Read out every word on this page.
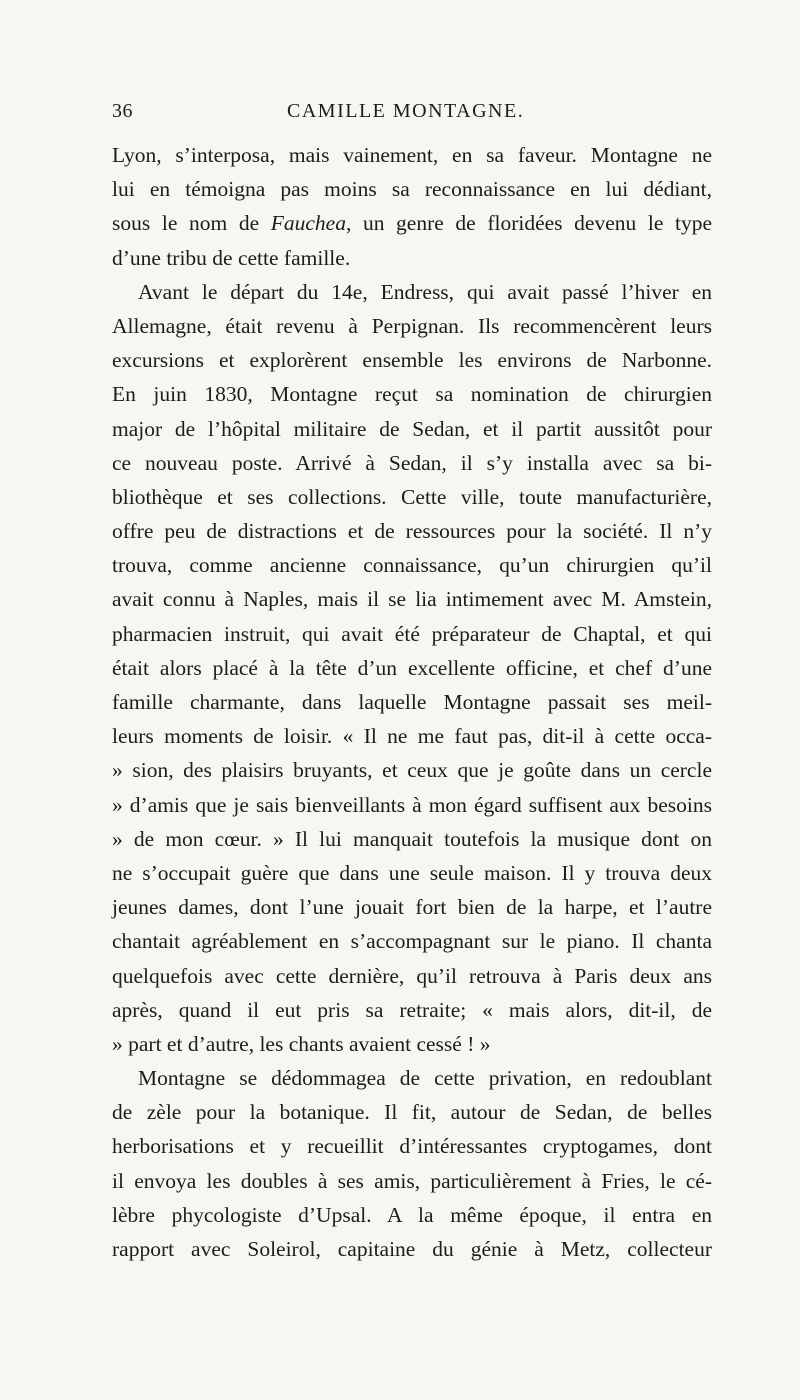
36	CAMILLE MONTAGNE.
Lyon, s’interposa, mais vainement, en sa faveur. Montagne ne
lui en témoigna pas moins sa reconnaissance en lui dédiant,
sous le nom de Fauchea, un genre de floridées devenu le type
d’une tribu de cette famille.
Avant le départ du 14e, Endress, qui avait passé l’hiver en
Allemagne, était revenu à Perpignan. Ils recommencèrent leurs
excursions et explorèrent ensemble les environs de Narbonne.
En juin 1830, Montagne reçut sa nomination de chirurgien
major de l’hôpital militaire de Sedan, et il partit aussitôt pour
ce nouveau poste. Arrivé à Sedan, il s’y installa avec sa bi-
bliothèque et ses collections. Cette ville, toute manufacturière,
offre peu de distractions et de ressources pour la société. Il n’y
trouva, comme ancienne connaissance, qu’un chirurgien qu’il
avait connu à Naples, mais il se lia intimement avec M. Amstein,
pharmacien instruit, qui avait été préparateur de Chaptal, et qui
était alors placé à la tête d’un excellente officine, et chef d’une
famille charmante, dans laquelle Montagne passait ses meil-
leurs moments de loisir. « Il ne me faut pas, dit-il à cette occa-
» sion, des plaisirs bruyants, et ceux que je goûte dans un cercle
» d’amis que je sais bienveillants à mon égard suffisent aux besoins
» de mon cœur. » Il lui manquait toutefois la musique dont on
ne s’occupait guère que dans une seule maison. Il y trouva deux
jeunes dames, dont l’une jouait fort bien de la harpe, et l’autre
chantait agréablement en s’accompagnant sur le piano. Il chanta
quelquefois avec cette dernière, qu’il retrouva à Paris deux ans
après, quand il eut pris sa retraite; « mais alors, dit-il, de
» part et d’autre, les chants avaient cessé ! »
Montagne se dédommagea de cette privation, en redoublant
de zèle pour la botanique. Il fit, autour de Sedan, de belles
herborisations et y recueillit d’intéressantes cryptogames, dont
il envoya les doubles à ses amis, particulièrement à Fries, le cé-
lèbre phycologiste d’Upsal. A la même époque, il entra en
rapport avec Soleirol, capitaine du génie à Metz, collecteur
